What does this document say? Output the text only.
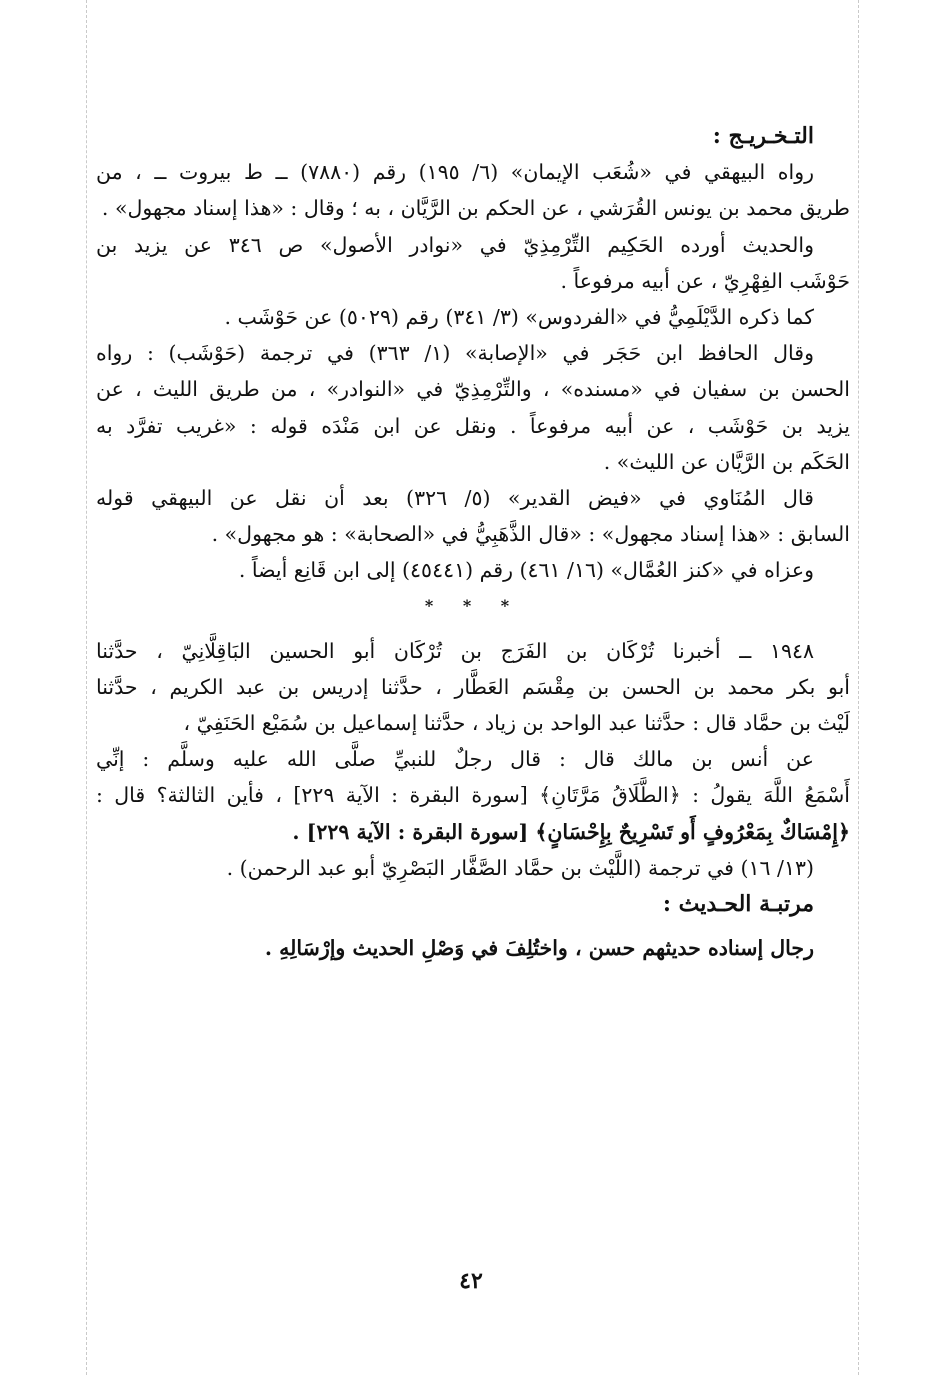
التـخـريـج :
رواه البيهقي في «شُعَب الإيمان» (٦/ ١٩٥) رقم (٧٨٨٠) ــ ط بيروت ــ ، من
طريق محمد بن يونس القُرَشي ، عن الحكم بن الرَّيَّان ، به ؛ وقال : «هذا إسناد مجهول» .
والحديث أورده الحَكِيم التِّرْمِذِيّ في «نوادر الأصول» ص ٣٤٦ عن يزيد بن
حَوْشَب الفِهْرِيّ ، عن أبيه مرفوعاً .
كما ذكره الدَّيْلَمِيُّ في «الفردوس» (٣/ ٣٤١) رقم (٥٠٢٩) عن حَوْشَب .
وقال الحافظ ابن حَجَر في «الإصابة» (١/ ٣٦٣) في ترجمة (حَوْشَب) : رواه
الحسن بن سفيان في «مسنده» ، والتِّرْمِذِيّ في «النوادر» ، من طريق الليث ، عن
يزيد بن حَوْشَب ، عن أبيه مرفوعاً . ونقل عن ابن مَنْدَه قوله : «غريب تفرَّد به
الحَكَم بن الرَّيَّان عن الليث» .
قال المُنَاوي في «فيض القدير» (٥/ ٣٢٦) بعد أن نقل عن البيهقي قوله
السابق : «هذا إسناد مجهول» : «قال الذَّهَبِيُّ في «الصحابة» : هو مجهول» .
وعزاه في «كنز العُمَّال» (١٦/ ٤٦١) رقم (٤٥٤٤١) إلى ابن قَانِع أيضاً .
* * *
١٩٤٨ ــ أخبرنا تُرْكَان بن الفَرَج بن تُرْكَان أبو الحسين البَاقِلَّانِيّ ، حدَّثنا
أبو بكر محمد بن الحسن بن مِقْسَم العَطَّار ، حدَّثنا إدريس بن عبد الكريم ، حدَّثنا
لَيْث بن حمَّاد قال : حدَّثنا عبد الواحد بن زياد ، حدَّثنا إسماعيل بن سُمَيْع الحَنَفِيّ ،
عن أنس بن مالك قال : قال رجلٌ للنبيِّ صلَّى الله عليه وسلَّم : إنِّي
أَسْمَعُ اللَّهَ يقولُ : ﴿الطَّلَاقُ مَرَّتَانِ﴾ [سورة البقرة : الآية ٢٢٩] ، فأين الثالثة؟ قال :
﴿إِمْسَاكٌ بِمَعْرُوفٍ أَو تَسْرِيحٌ بِإِحْسَانٍ﴾ [سورة البقرة : الآية ٢٢٩] .
(١٣/ ١٦) في ترجمة (اللَّيْث بن حمَّاد الصَّفَّار البَصْرِيّ أبو عبد الرحمن) .
مرتبـة الحـديث :
رجال إسناده حديثهم حسن ، واختُلِفَ في وَصْلِ الحديث وإرْسَالِهِ .
٤٢
